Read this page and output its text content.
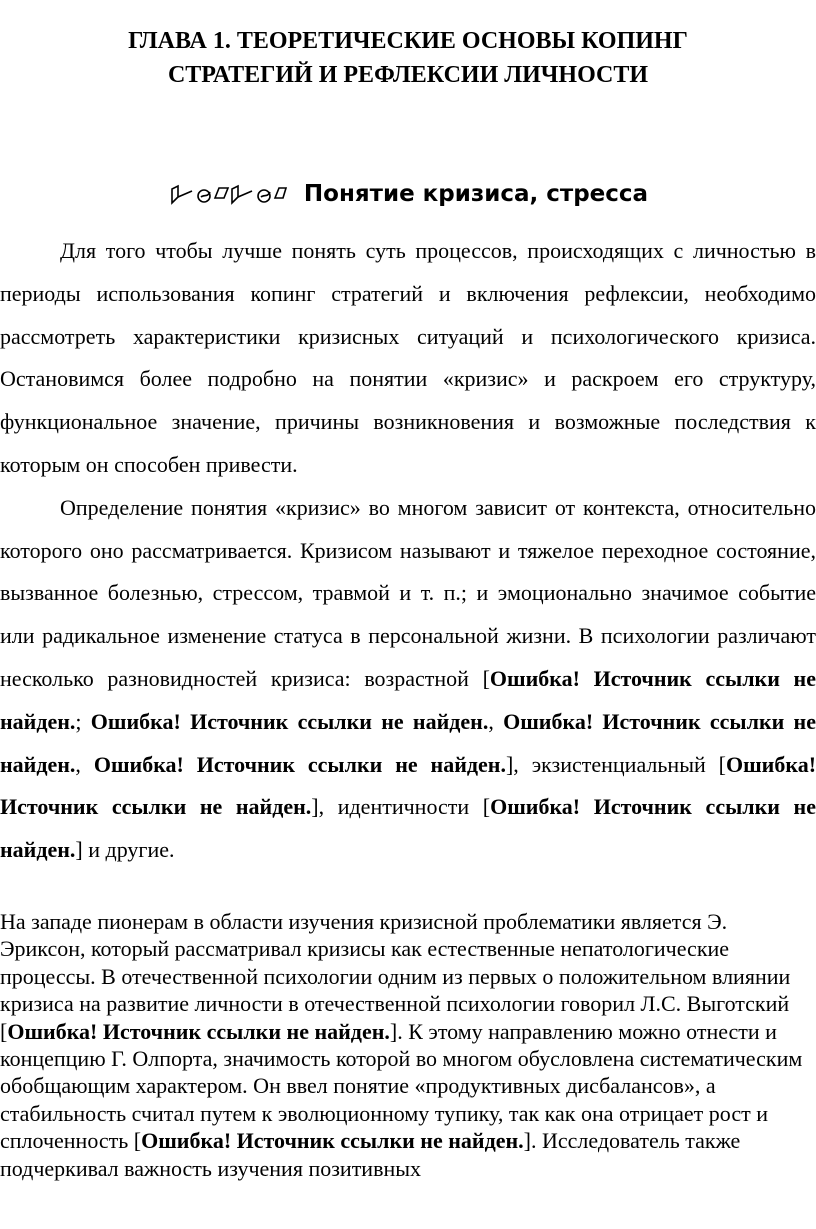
ГЛАВА 1. ТЕОРЕТИЧЕСКИЕ ОСНОВЫ КОПИНГ
СТРАТЕГИЙ И РЕФЛЕКСИИ ЛИЧНОСТИ
Понятие кризиса, стресса

Для того чтобы лучше понять суть процессов, происходящих с личностью в периоды использования копинг стратегий и включения рефлексии, необходимо рассмотреть характеристики кризисных ситуаций и психологического кризиса. Остановимся более подробно на понятии «кризис» и раскроем его структуру, функциональное значение, причины возникновения и возможные последствия к которым он способен привести.

Определение понятия «кризис» во многом зависит от контекста, относительно которого оно рассматривается. Кризисом называют и тяжелое переходное состояние, вызванное болезнью, стрессом, травмой и т. п.; и эмоционально значимое событие или радикальное изменение статуса в персональной жизни. В психологии различают несколько разновидностей кризиса: возрастной [Ошибка! Источник ссылки не найден.; Ошибка! Источник ссылки не найден., Ошибка! Источник ссылки не найден., Ошибка! Источник ссылки не найден.], экзистенциальный [Ошибка! Источник ссылки не найден.], идентичности [Ошибка! Источник ссылки не найден.] и другие.

На западе пионерам в области изучения кризисной проблематики является Э. Эриксон, который рассматривал кризисы как естественные непатологические процессы. В отечественной психологии одним из первых о положительном влиянии кризиса на развитие личности в отечественной психологии говорил Л.С. Выготский [Ошибка! Источник ссылки не найден.]. К этому направлению можно отнести и концепцию Г. Олпорта, значимость которой во многом обусловлена систематическим обобщающим характером. Он ввел понятие «продуктивных дисбалансов», а стабильность считал путем к эволюционному тупику, так как она отрицает рост и сплоченность [Ошибка! Источник ссылки не найден.]. Исследователь также подчеркивал важность изучения позитивных
